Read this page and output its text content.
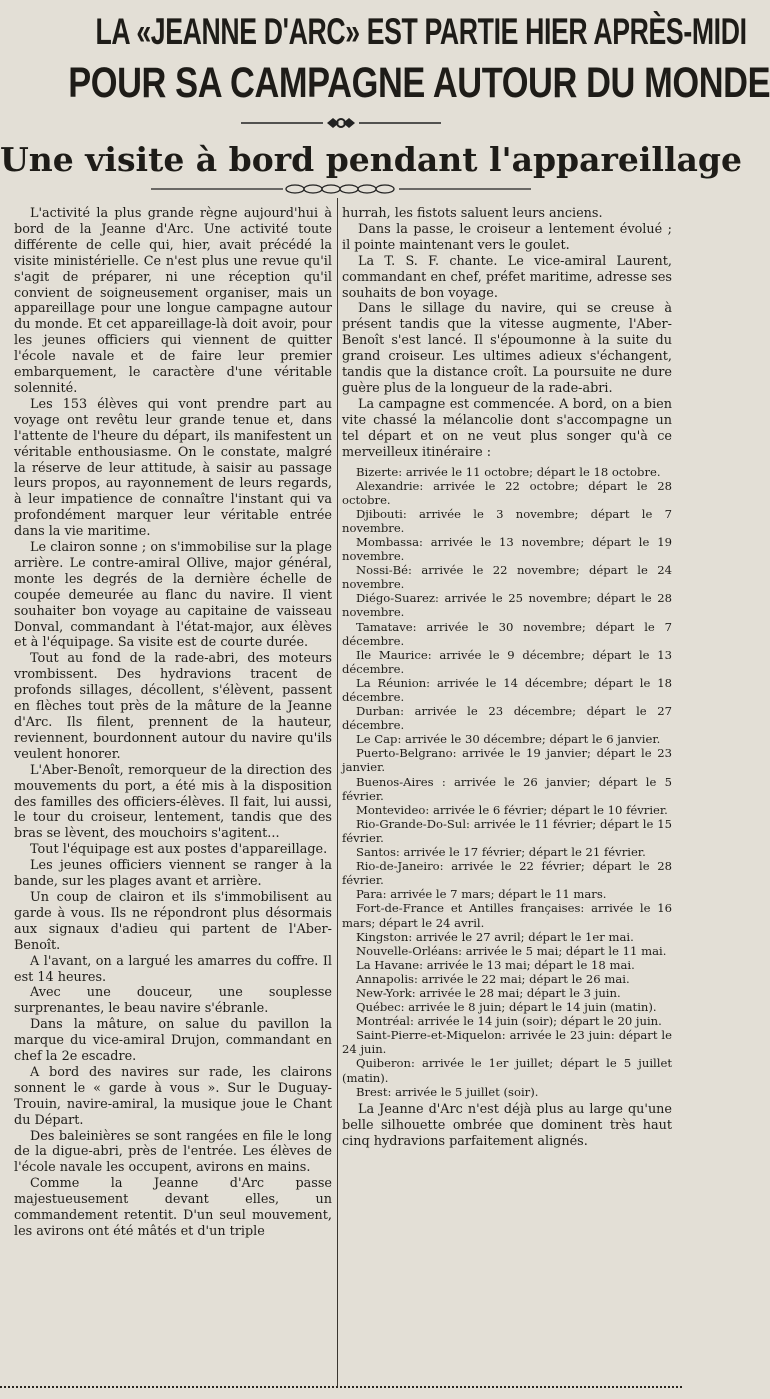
LA «JEANNE D'ARC» EST PARTIE HIER APRÈS-MIDI
POUR SA CAMPAGNE AUTOUR DU MONDE
Une visite à bord pendant l'appareillage

L'activité la plus grande règne aujourd'hui à bord de la Jeanne d'Arc. Une activité toute différente de celle qui, hier, avait précédé la visite ministérielle. Ce n'est plus une revue qu'il s'agit de préparer, ni une réception qu'il convient de soigneusement organiser, mais un appareillage pour une longue campagne autour du monde. Et cet appareillage-là doit avoir, pour les jeunes officiers qui viennent de quitter l'école navale et de faire leur premier embarquement, le caractère d'une véritable solennité.

Les 153 élèves qui vont prendre part au voyage ont revêtu leur grande tenue et, dans l'attente de l'heure du départ, ils manifestent un véritable enthousiasme. On le constate, malgré la réserve de leur attitude, à saisir au passage leurs propos, au rayonnement de leurs regards, à leur impatience de connaître l'instant qui va profondément marquer leur véritable entrée dans la vie maritime.

Le clairon sonne ; on s'immobilise sur la plage arrière. Le contre-amiral Ollive, major général, monte les degrés de la dernière échelle de coupée demeurée au flanc du navire. Il vient souhaiter bon voyage au capitaine de vaisseau Donval, commandant à l'état-major, aux élèves et à l'équipage. Sa visite est de courte durée.

Tout au fond de la rade-abri, des moteurs vrombissent. Des hydravions tracent de profonds sillages, décollent, s'élèvent, passent en flèches tout près de la mâture de la Jeanne d'Arc. Ils filent, prennent de la hauteur, reviennent, bourdonnent autour du navire qu'ils veulent honorer.

L'Aber-Benoît, remorqueur de la direction des mouvements du port, a été mis à la disposition des familles des officiers-élèves. Il fait, lui aussi, le tour du croiseur, lentement, tandis que des bras se lèvent, des mouchoirs s'agitent...

Tout l'équipage est aux postes d'appareillage.

Les jeunes officiers viennent se ranger à la bande, sur les plages avant et arrière.

Un coup de clairon et ils s'immobilisent au garde à vous. Ils ne répondront plus désormais aux signaux d'adieu qui partent de l'Aber-Benoît.

A l'avant, on a largué les amarres du coffre. Il est 14 heures.

Avec une douceur, une souplesse surprenantes, le beau navire s'ébranle.

Dans la mâture, on salue du pavillon la marque du vice-amiral Drujon, commandant en chef la 2e escadre.

A bord des navires sur rade, les clairons sonnent le « garde à vous ». Sur le Duguay-Trouin, navire-amiral, la musique joue le Chant du Départ.

Des baleinières se sont rangées en file le long de la digue-abri, près de l'entrée. Les élèves de l'école navale les occupent, avirons en mains.

Comme la Jeanne d'Arc passe majestueusement devant elles, un commandement retentit. D'un seul mouvement, les avirons ont été mâtés et d'un triple

hurrah, les fistots saluent leurs anciens.

Dans la passe, le croiseur a lentement évolué ; il pointe maintenant vers le goulet.

La T. S. F. chante. Le vice-amiral Laurent, commandant en chef, préfet maritime, adresse ses souhaits de bon voyage.

Dans le sillage du navire, qui se creuse à présent tandis que la vitesse augmente, l'Aber-Benoît s'est lancé. Il s'époumonne à la suite du grand croiseur. Les ultimes adieux s'échangent, tandis que la distance croît. La poursuite ne dure guère plus de la longueur de la rade-abri.

La campagne est commencée. A bord, on a bien vite chassé la mélancolie dont s'accompagne un tel départ et on ne veut plus songer qu'à ce merveilleux itinéraire :

Bizerte: arrivée le 11 octobre; départ le 18 octobre.
Alexandrie: arrivée le 22 octobre; départ le 28 octobre.
Djibouti: arrivée le 3 novembre; départ le 7 novembre.
Mombassa: arrivée le 13 novembre; départ le 19 novembre.
Nossi-Bé: arrivée le 22 novembre; départ le 24 novembre.
Diégo-Suarez: arrivée le 25 novembre; départ le 28 novembre.
Tamatave: arrivée le 30 novembre; départ le 7 décembre.
Ile Maurice: arrivée le 9 décembre; départ le 13 décembre.
La Réunion: arrivée le 14 décembre; départ le 18 décembre.
Durban: arrivée le 23 décembre; départ le 27 décembre.
Le Cap: arrivée le 30 décembre; départ le 6 janvier.
Puerto-Belgrano: arrivée le 19 janvier; départ le 23 janvier.
Buenos-Aires : arrivée le 26 janvier; départ le 5 février.
Montevideo: arrivée le 6 février; départ le 10 février.
Rio-Grande-Do-Sul: arrivée le 11 février; départ le 15 février.
Santos: arrivée le 17 février; départ le 21 février.
Rio-de-Janeiro: arrivée le 22 février; départ le 28 février.
Para: arrivée le 7 mars; départ le 11 mars.
Fort-de-France et Antilles françaises: arrivée le 16 mars; départ le 24 avril.
Kingston: arrivée le 27 avril; départ le 1er mai.
Nouvelle-Orléans: arrivée le 5 mai; départ le 11 mai.
La Havane: arrivée le 13 mai; départ le 18 mai.
Annapolis: arrivée le 22 mai; départ le 26 mai.
New-York: arrivée le 28 mai; départ le 3 juin.
Québec: arrivée le 8 juin; départ le 14 juin (matin).
Montréal: arrivée le 14 juin (soir); départ le 20 juin.
Saint-Pierre-et-Miquelon: arrivée le 23 juin: départ le 24 juin.
Quiberon: arrivée le 1er juillet; départ le 5 juillet (matin).
Brest: arrivée le 5 juillet (soir).

La Jeanne d'Arc n'est déjà plus au large qu'une belle silhouette ombrée que dominent très haut cinq hydravions parfaitement alignés.
